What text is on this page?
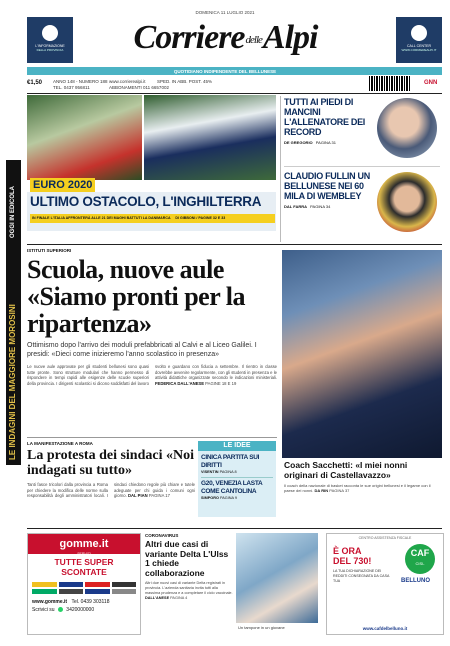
L'INFORMAZIONE
DELLA PROVINCIA
CALL CENTER
WWW.CORRIEREALPI.IT
DOMENICA 11 LUGLIO 2021
CorrieredelleAlpi
QUOTIDIANO INDIPENDENTE DEL BELLUNESE
€1,50 ANNO 148 - NUMERO 188
TEL. 0437 956811
www.corrierealpi.it
ABBONAMENTI 011 6657002
SPED. IN ABB. POST. 45%	GNN
LE INDAGINI DEL MAGGIORE MOROSINI
OGGI IN EDICOLA
EURO 2020
ULTIMO OSTACOLO, L'INGHILTERRA
IN FINALE L'ITALIA AFFRONTERÀ ALLE 21 DEI MAGHI BATTUTI LA DANIMARCA DI GIBBONI / PAGINE 32 E 33
TUTTI AI PIEDI DI MANCINI L'ALLENATORE DEI RECORD
DE GREGORIO PAGINA 31
CLAUDIO FULLIN UN BELLUNESE NEI 60 MILA DI WEMBLEY
DAL FARRA PAGINA 34
ISTITUTI SUPERIORI
Scuola, nuove aule «Siamo pronti per la ripartenza»
Ottimismo dopo l'arrivo dei moduli prefabbricati al Calvi e al Liceo Galilei. I presidi: «Dieci come inizieremo l'anno scolastico in presenza»
Le nuove aule approvate per gli studenti bellunesi sono quasi tutte pronte. Sono strutture modulari che hanno permesso di rispondere in tempi rapidi alle esigenze delle scuole superiori della provincia. I dirigenti scolastici si dicono soddisfatti del lavoro svolto e guardano con fiducia a settembre. Il rientro in classe dovrebbe avvenire regolarmente, con gli studenti in presenza e le attività didattiche organizzate secondo le indicazioni ministeriali. FEDERICA DALL'ANESE PAGINE 18 E 19
Coach Sacchetti: «I miei nonni originari di Castellavazzo»
Il coach della nazionale di basket racconta le sue origini bellunesi e il legame con il paese dei nonni. DA RIN PAGINA 37
LA MANIFESTAZIONE A ROMA
La protesta dei sindaci «Noi indagati su tutto»
Tanti fasce tricolori dalla provincia a Roma per chiedere la modifica delle norme sulla responsabilità degli amministratori locali. I sindaci chiedono regole più chiare e tutele adeguate per chi guida i comuni ogni giorno. DAL PIAN PAGINA 17
LE IDEE
CINICA PARTITA SUI DIRITTI
VISENTIN PAGINA 8
G20, VENEZIA LASTA COME CANTOLINA
SIMPORO PAGINA 9
gomme.it
SERVIZI
TUTTE SUPER SCONTATE
www.gomme.it Tel. 0439 303118
Scrivici su 3420000000
CORONAVIRUS
Altri due casi di variante Delta L'Ulss 1 chiede collaborazione
Altri due nuovi casi di variante Delta registrati in provincia. L'azienda sanitaria invita tutti alla massima prudenza e a completare il ciclo vaccinale. DALL'ANESE PAGINA 4
Un tampone in un giovane
CENTRO ASSISTENZA FISCALE
È ORA
DEL 730!
LA TUA DICHIARAZIONE DEI REDDITI CONSEGNATA DA CASA TUA
CAF
CISL
BELLUNO
www.cafdelbelluno.it
